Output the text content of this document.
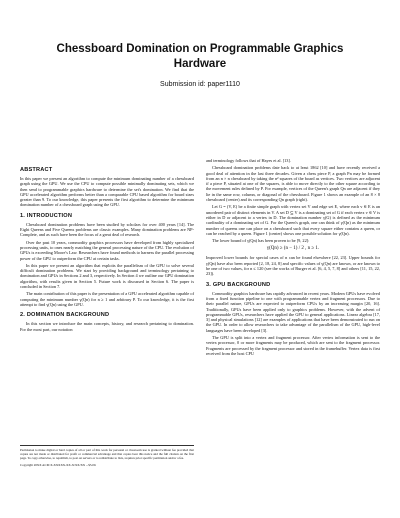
Chessboard Domination on Programmable Graphics Hardware
Submission id: paper1110
ABSTRACT

In this paper we present an algorithm to compute the minimum dominating number of a chessboard graph using the GPU. We use the CPU to compute possible minimally dominating sets, which we then send to programmable graphics hardware to determine the set's domination. We find that the GPU accelerated algorithm performs better than a comparable CPU based algorithm for board sizes greater than 9. To our knowledge, this paper presents the first algorithm to determine the minimum domination number of a chessboard graph using the GPU.

1. INTRODUCTION

Chessboard domination problems have been studied by scholars for over 400 years [14]. The Eight Queens and Five Queens problems are classic examples. Many domination problems are NP-Complete, and as such have been the focus of a great deal of research.

Over the past 10 years, commodity graphics processors have developed from highly specialized processing units, to ones nearly matching the general processing nature of the CPU. The evolution of GPUs is exceeding Moore's Law. Researchers have found methods to harness the parallel processing power of the GPU to outperform the CPU at certain tasks.

In this paper we present an algorithm that exploits the parallelism of the GPU to solve several difficult domination problems. We start by providing background and terminology pertaining to domination and GPUs in Sections 2 and 3, respectively. In Section 4 we outline our GPU domination algorithm, with results given in Section 5. Future work is discussed in Section 6. The paper is concluded in Section 7.

The main contribution of this paper is the presentation of a GPU accelerated algorithm capable of computing the minimum number γ(Qn) for n ≥ 1 and arbitrary P. To our knowledge, it is the first attempt to find γ(Qn) using the GPU.

2. DOMINATION BACKGROUND

In this section we introduce the main concepts, history, and research pertaining to domination. For the most part, our notation

Permission to make digital or hard copies of all or part of this work for personal or classroom use is granted without fee provided that copies are not made or distributed for profit or commercial advantage and that copies bear this notice and the full citation on the first page. To copy otherwise, to republish, to post on servers or to redistribute to lists, requires prior specific permission and/or a fee.

Copyright 20XX ACM X-XXXXX-XX-X/XX/XX ...$5.00.

and terminology follows that of Hayes et al. [13].

Chessboard domination problems date back to at least 1862 [10] and have recently received a good deal of attention in the last three decades. Given a chess piece P, a graph Pn may be formed from an n × n chessboard by taking the n² squares of the board as vertices. Two vertices are adjacent if a piece P, situated at one of the squares, is able to move directly to the other square according to the movement rules defined by P. For example, vertices of the Queen's graph Qn are adjacent if they lie in the same row, column, or diagonal of the chessboard. Figure 1 shows an example of an 8 × 8 chessboard (center) and its corresponding Qn graph (right).

Let G = (V, E) be a finite simple graph with vertex set V and edge set E, where each v ∈ E is an unordered pair of distinct elements in V. A set D ⊆ V is a dominating set of G if each vertex v ∈ V is either in D or adjacent to a vertex in D. The domination number γ(G) is defined as the minimum cardinality of a dominating set of G. For the Queen's graph, one can think of γ(Qn) as the minimum number of queens one can place on a chessboard such that every square either contains a queen, or can be reached by a queen. Figure 1 (center) shows one possible solution for γ(Qn).

The lower bound of γ(Qn) has been proven to be [9, 22]:

γ(Qn) ≥ (n − 1) / 2 , n ≥ 1.

Improved lower bounds for special cases of n can be found elsewhere [22, 23]. Upper bounds for γ(Qn) have also been reported [2, 18, 24, 8] and specific values of γ(Qn) are known, or are known to be one of two values, for n ≤ 120 (see the works of Burger et al. [6, 4, 5, 7, 8] and others [11, 15, 22, 23]).

3. GPU BACKGROUND

Commodity graphics hardware has rapidly advanced in recent years. Modern GPUs have evolved from a fixed function pipeline to one with programmable vertex and fragment processors. Due to their parallel nature, GPUs are expected to outperform CPUs by an increasing margin [20, 16]. Traditionally, GPUs have been applied only to graphics problems. However, with the advent of programmable GPUs, researchers have applied the GPU to general applications. Linear algebra [17, 3] and physical simulations [12] are examples of applications that have been demonstrated to run on the GPU. In order to allow researchers to take advantage of the parallelism of the GPU, high-level languages have been developed [3].

The GPU is split into a vertex and fragment processor. After vertex information is sent to the vertex processor, 0 or more fragments may be produced, which are sent to the fragment processor. Fragments are processed by the fragment processor and stored in the framebuffer. Vertex data is first received from the host CPU
